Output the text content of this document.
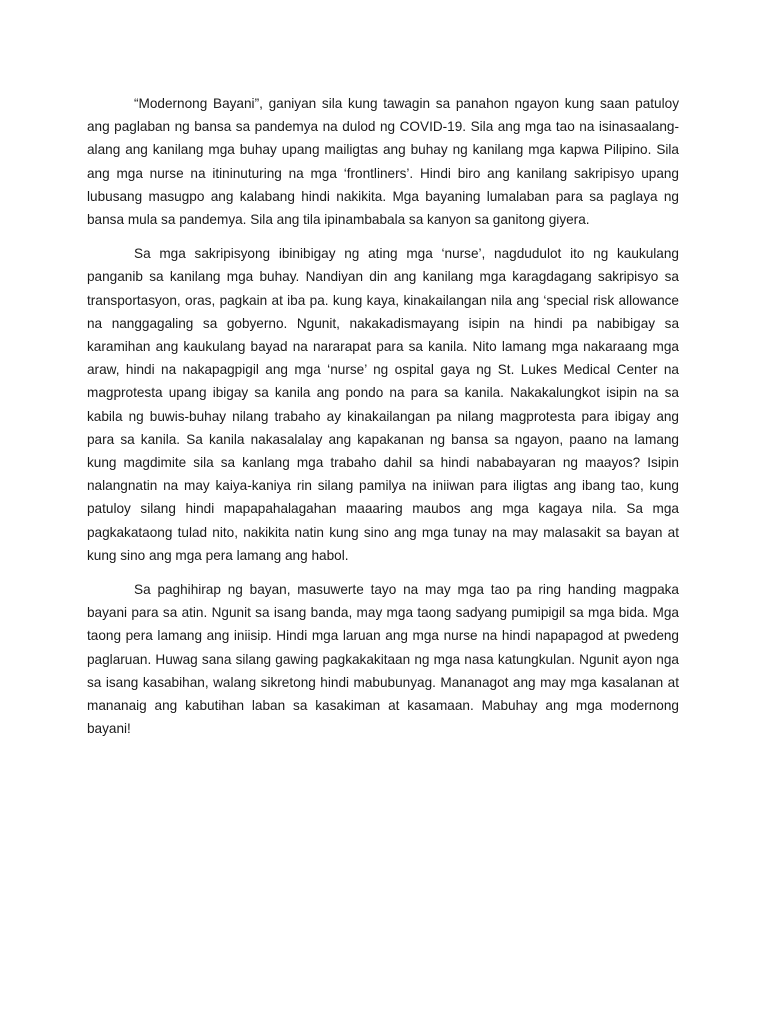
“Modernong Bayani”, ganiyan sila kung tawagin sa panahon ngayon kung saan patuloy ang paglaban ng bansa sa pandemya na dulod ng COVID-19. Sila ang mga tao na isinasaalang-alang ang kanilang mga buhay upang mailigtas ang buhay ng kanilang mga kapwa Pilipino. Sila ang mga nurse na itininuturing na mga ‘frontliners’. Hindi biro ang kanilang sakripisyo upang lubusang masugpo ang kalabang hindi nakikita. Mga bayaning lumalaban para sa paglaya ng bansa mula sa pandemya. Sila ang tila ipinambabala sa kanyon sa ganitong giyera.

Sa mga sakripisyong ibinibigay ng ating mga ‘nurse’, nagdudulot ito ng kaukulang panganib sa kanilang mga buhay. Nandiyan din ang kanilang mga karagdagang sakripisyo sa transportasyon, oras, pagkain at iba pa. kung kaya, kinakailangan nila ang ‘special risk allowance na nanggagaling sa gobyerno. Ngunit, nakakadismayang isipin na hindi pa nabibigay sa karamihan ang kaukulang bayad na nararapat para sa kanila. Nito lamang mga nakaraang mga araw, hindi na nakapagpigil ang mga ‘nurse’ ng ospital gaya ng St. Lukes Medical Center na magprotesta upang ibigay sa kanila ang pondo na para sa kanila. Nakakalungkot isipin na sa kabila ng buwis-buhay nilang trabaho ay kinakailangan pa nilang magprotesta para ibigay ang para sa kanila. Sa kanila nakasalalay ang kapakanan ng bansa sa ngayon, paano na lamang kung magdimite sila sa kanlang mga trabaho dahil sa hindi nababayaran ng maayos? Isipin nalangnatin na may kaiya-kaniya rin silang pamilya na iniiwan para iligtas ang ibang tao, kung patuloy silang hindi mapapahalagahan maaaring maubos ang mga kagaya nila. Sa mga pagkakataong tulad nito, nakikita natin kung sino ang mga tunay na may malasakit sa bayan at kung sino ang mga pera lamang ang habol.

Sa paghihirap ng bayan, masuwerte tayo na may mga tao pa ring handing magpaka bayani para sa atin. Ngunit sa isang banda, may mga taong sadyang pumipigil sa mga bida. Mga taong pera lamang ang iniisip. Hindi mga laruan ang mga nurse na hindi napapagod at pwedeng paglaruan. Huwag sana silang gawing pagkakakitaan ng mga nasa katungkulan. Ngunit ayon nga sa isang kasabihan, walang sikretong hindi mabubunyag. Mananagot ang may mga kasalanan at mananaig ang kabutihan laban sa kasakiman at kasamaan. Mabuhay ang mga modernong bayani!
